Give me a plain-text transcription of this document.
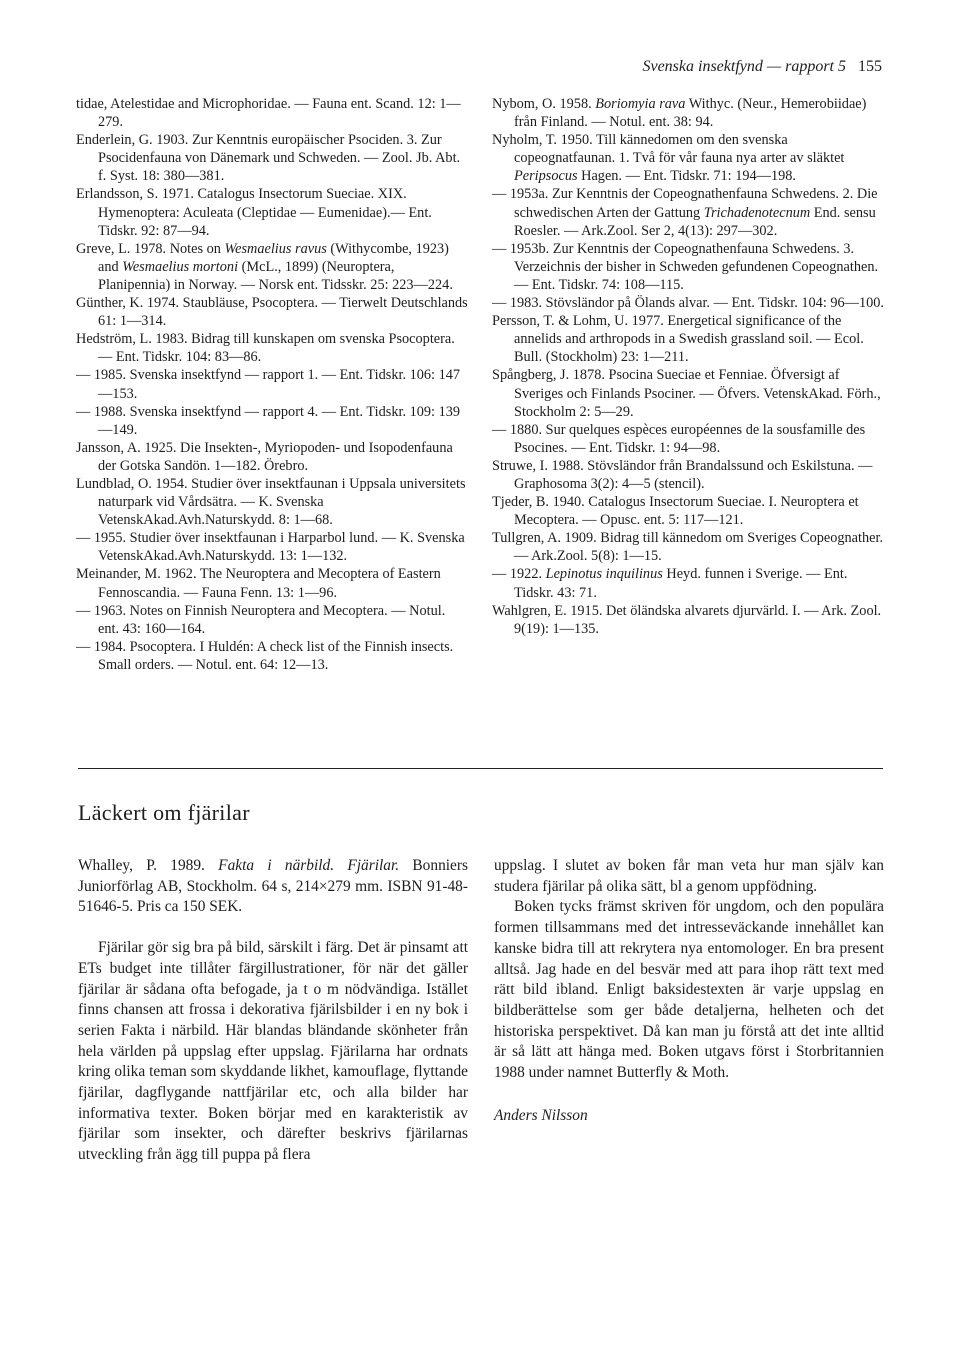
Svenska insektfynd — rapport 5 155

tidae, Atelestidae and Microphoridae. — Fauna ent. Scand. 12: 1—279.

Enderlein, G. 1903. Zur Kenntnis europäischer Psociden. 3. Zur Psocidenfauna von Dänemark und Schweden. — Zool. Jb. Abt. f. Syst. 18: 380—381.

Erlandsson, S. 1971. Catalogus Insectorum Sueciae. XIX. Hymenoptera: Aculeata (Cleptidae — Eumenidae).— Ent. Tidskr. 92: 87—94.

Greve, L. 1978. Notes on Wesmaelius ravus (Withycombe, 1923) and Wesmaelius mortoni (McL., 1899) (Neuroptera, Planipennia) in Norway. — Norsk ent. Tidsskr. 25: 223—224.

Günther, K. 1974. Staubläuse, Psocoptera. — Tierwelt Deutschlands 61: 1—314.

Hedström, L. 1983. Bidrag till kunskapen om svenska Psocoptera. — Ent. Tidskr. 104: 83—86.

— 1985. Svenska insektfynd — rapport 1. — Ent. Tidskr. 106: 147—153.

— 1988. Svenska insektfynd — rapport 4. — Ent. Tidskr. 109: 139—149.

Jansson, A. 1925. Die Insekten-, Myriopoden- und Isopodenfauna der Gotska Sandön. 1—182. Örebro.

Lundblad, O. 1954. Studier över insektfaunan i Uppsala universitets naturpark vid Vårdsätra. — K. Svenska VetenskAkad.Avh.Naturskydd. 8: 1—68.

— 1955. Studier över insektfaunan i Harparbol lund. — K. Svenska VetenskAkad.Avh.Naturskydd. 13: 1—132.

Meinander, M. 1962. The Neuroptera and Mecoptera of Eastern Fennoscandia. — Fauna Fenn. 13: 1—96.

— 1963. Notes on Finnish Neuroptera and Mecoptera. — Notul. ent. 43: 160—164.

— 1984. Psocoptera. I Huldén: A check list of the Finnish insects. Small orders. — Notul. ent. 64: 12—13.

Nybom, O. 1958. Boriomyia rava Withyc. (Neur., Hemerobiidae) från Finland. — Notul. ent. 38: 94.

Nyholm, T. 1950. Till kännedomen om den svenska copeognatfaunan. 1. Två för vår fauna nya arter av släktet Peripsocus Hagen. — Ent. Tidskr. 71: 194—198.

— 1953a. Zur Kenntnis der Copeognathenfauna Schwedens. 2. Die schwedischen Arten der Gattung Trichadenotecnum End. sensu Roesler. — Ark.Zool. Ser 2, 4(13): 297—302.

— 1953b. Zur Kenntnis der Copeognathenfauna Schwedens. 3. Verzeichnis der bisher in Schweden gefundenen Copeognathen. — Ent. Tidskr. 74: 108—115.

— 1983. Stövsländor på Ölands alvar. — Ent. Tidskr. 104: 96—100.

Persson, T. & Lohm, U. 1977. Energetical significance of the annelids and arthropods in a Swedish grassland soil. — Ecol. Bull. (Stockholm) 23: 1—211.

Spångberg, J. 1878. Psocina Sueciae et Fenniae. Öfversigt af Sveriges och Finlands Psociner. — Öfvers. VetenskAkad. Förh., Stockholm 2: 5—29.

— 1880. Sur quelques espèces européennes de la sousfamille des Psocines. — Ent. Tidskr. 1: 94—98.

Struwe, I. 1988. Stövsländor från Brandalssund och Eskilstuna. — Graphosoma 3(2): 4—5 (stencil).

Tjeder, B. 1940. Catalogus Insectorum Sueciae. I. Neuroptera et Mecoptera. — Opusc. ent. 5: 117—121.

Tullgren, A. 1909. Bidrag till kännedom om Sveriges Copeognather. — Ark.Zool. 5(8): 1—15.

— 1922. Lepinotus inquilinus Heyd. funnen i Sverige. — Ent. Tidskr. 43: 71.

Wahlgren, E. 1915. Det öländska alvarets djurvärld. I. — Ark. Zool. 9(19): 1—135.

Läckert om fjärilar

Whalley, P. 1989. Fakta i närbild. Fjärilar. Bonniers Juniorförlag AB, Stockholm. 64 s, 214×279 mm. ISBN 91-48-51646-5. Pris ca 150 SEK.

Fjärilar gör sig bra på bild, särskilt i färg. Det är pinsamt att ETs budget inte tillåter färgillustrationer, för när det gäller fjärilar är sådana ofta befogade, ja t o m nödvändiga. Istället finns chansen att frossa i dekorativa fjärilsbilder i en ny bok i serien Fakta i närbild. Här blandas bländande skönheter från hela världen på uppslag efter uppslag. Fjärilarna har ordnats kring olika teman som skyddande likhet, kamouflage, flyttande fjärilar, dagflygande nattfjärilar etc, och alla bilder har informativa texter. Boken börjar med en karakteristik av fjärilar som insekter, och därefter beskrivs fjärilarnas utveckling från ägg till puppa på flera

uppslag. I slutet av boken får man veta hur man själv kan studera fjärilar på olika sätt, bl a genom uppfödning.

Boken tycks främst skriven för ungdom, och den populära formen tillsammans med det intresseväckande innehållet kan kanske bidra till att rekrytera nya entomologer. En bra present alltså. Jag hade en del besvär med att para ihop rätt text med rätt bild ibland. Enligt baksidestexten är varje uppslag en bildberättelse som ger både detaljerna, helheten och det historiska perspektivet. Då kan man ju förstå att det inte alltid är så lätt att hänga med. Boken utgavs först i Storbritannien 1988 under namnet Butterfly & Moth.

Anders Nilsson
